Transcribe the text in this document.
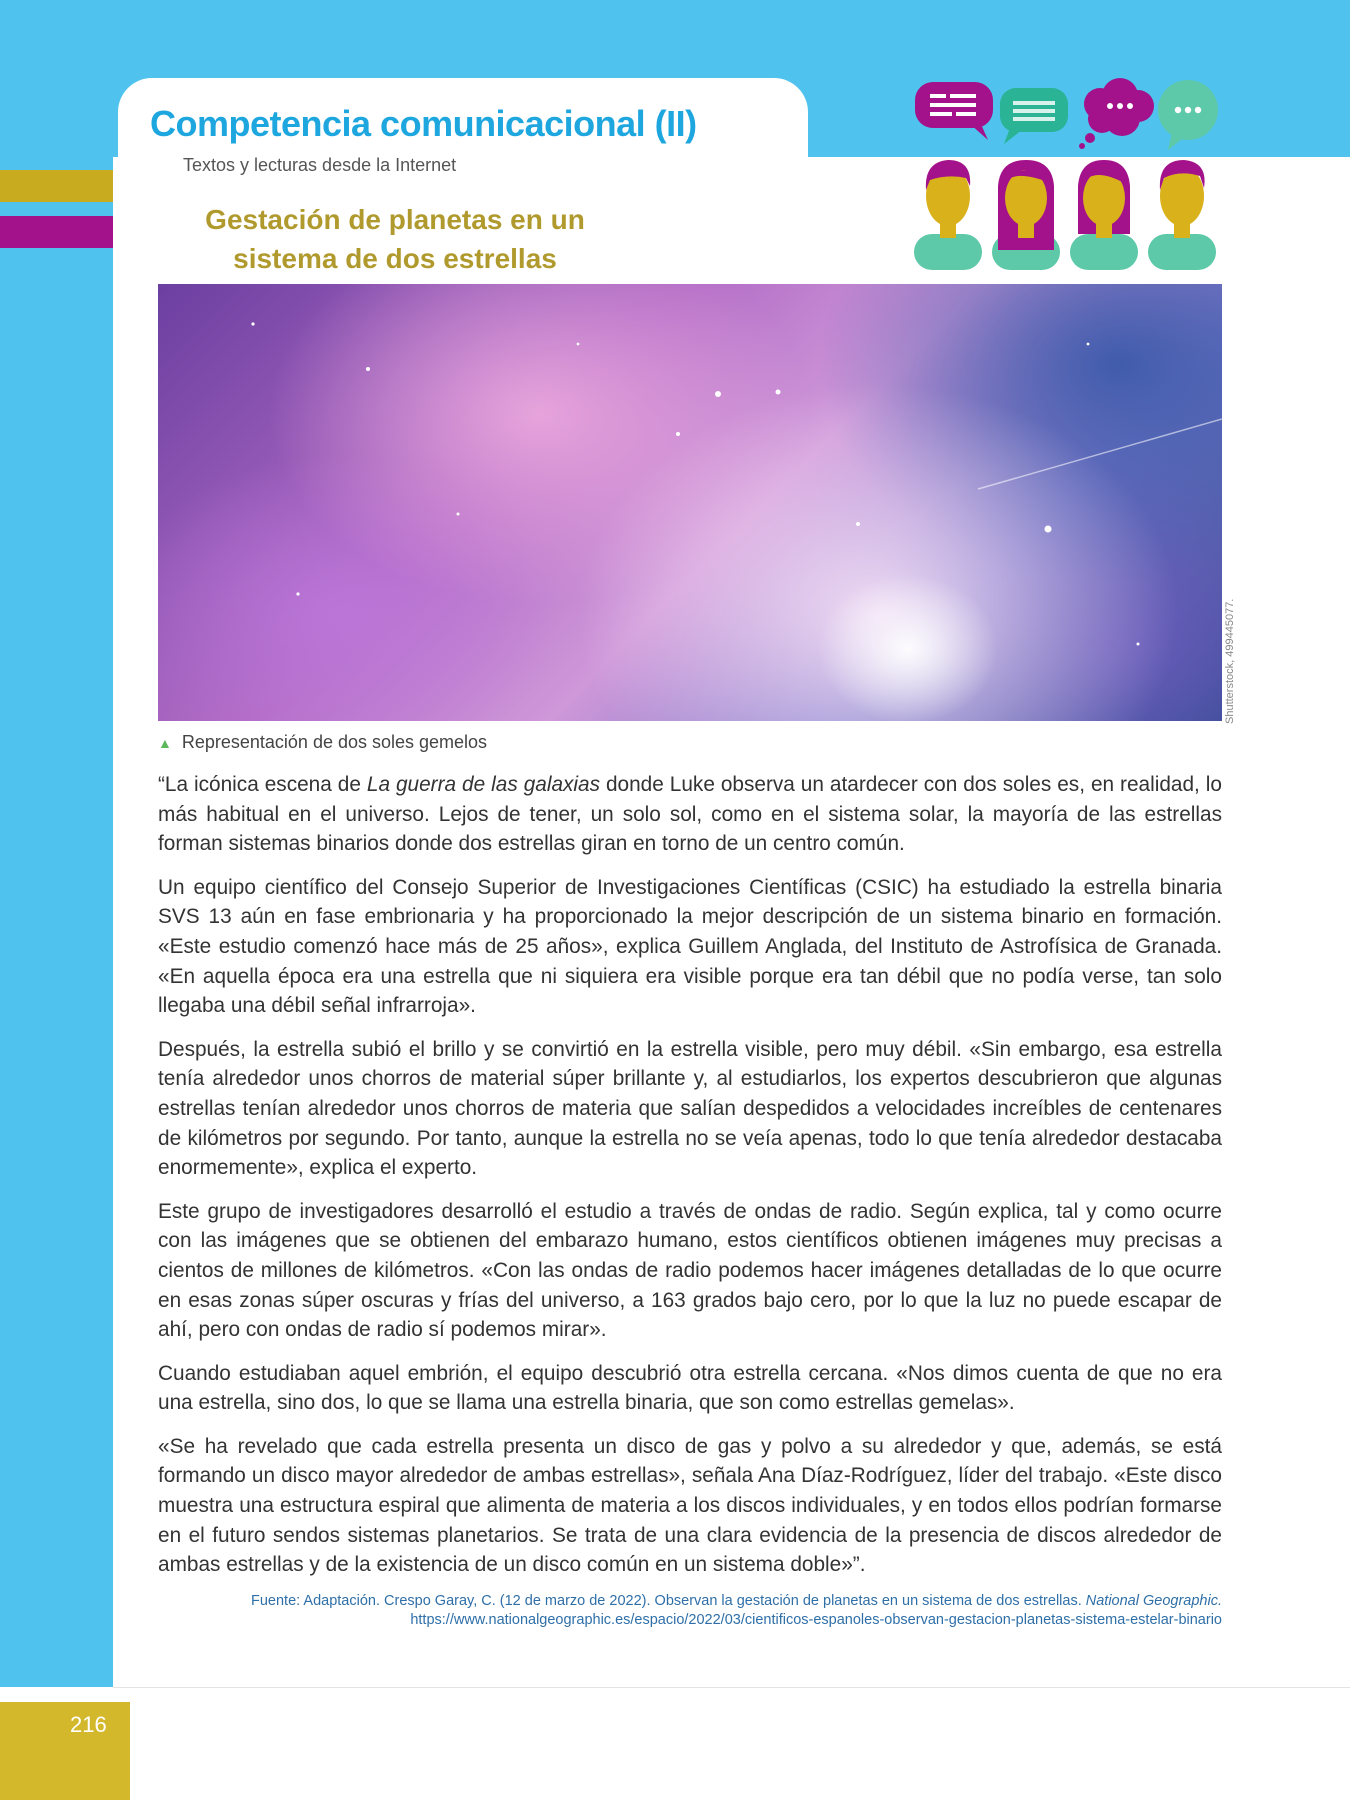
Competencia comunicacional (II)
Textos y lecturas desde la Internet
Gestación de planetas en un sistema de dos estrellas
Shutterstock, 499445077.
▲ Representación de dos soles gemelos

“La icónica escena de La guerra de las galaxias donde Luke observa un atardecer con dos soles es, en realidad, lo más habitual en el universo. Lejos de tener, un solo sol, como en el sistema solar, la mayoría de las estrellas forman sistemas binarios donde dos estrellas giran en torno de un centro común.

Un equipo científico del Consejo Superior de Investigaciones Científicas (CSIC) ha estudiado la estrella binaria SVS 13 aún en fase embrionaria y ha proporcionado la mejor descripción de un sistema binario en formación. «Este estudio comenzó hace más de 25 años», explica Guillem Anglada, del Instituto de Astrofísica de Granada. «En aquella época era una estrella que ni siquiera era visible porque era tan débil que no podía verse, tan solo llegaba una débil señal infrarroja».

Después, la estrella subió el brillo y se convirtió en la estrella visible, pero muy débil. «Sin embargo, esa estrella tenía alrededor unos chorros de material súper brillante y, al estudiarlos, los expertos descubrieron que algunas estrellas tenían alrededor unos chorros de materia que salían despedidos a velocidades increíbles de centenares de kilómetros por segundo. Por tanto, aunque la estrella no se veía apenas, todo lo que tenía alrededor destacaba enormemente», explica el experto.

Este grupo de investigadores desarrolló el estudio a través de ondas de radio. Según explica, tal y como ocurre con las imágenes que se obtienen del embarazo humano, estos científicos obtienen imágenes muy precisas a cientos de millones de kilómetros. «Con las ondas de radio podemos hacer imágenes detalladas de lo que ocurre en esas zonas súper oscuras y frías del universo, a 163 grados bajo cero, por lo que la luz no puede escapar de ahí, pero con ondas de radio sí podemos mirar».

Cuando estudiaban aquel embrión, el equipo descubrió otra estrella cercana. «Nos dimos cuenta de que no era una estrella, sino dos, lo que se llama una estrella binaria, que son como estrellas gemelas».

«Se ha revelado que cada estrella presenta un disco de gas y polvo a su alrededor y que, además, se está formando un disco mayor alrededor de ambas estrellas», señala Ana Díaz-Rodríguez, líder del trabajo. «Este disco muestra una estructura espiral que alimenta de materia a los discos individuales, y en todos ellos podrían formarse en el futuro sendos sistemas planetarios. Se trata de una clara evidencia de la presencia de discos alrededor de ambas estrellas y de la existencia de un disco común en un sistema doble»”.

Fuente: Adaptación. Crespo Garay, C. (12 de marzo de 2022). Observan la gestación de planetas en un sistema de dos estrellas. National Geographic.
https://www.nationalgeographic.es/espacio/2022/03/cientificos-espanoles-observan-gestacion-planetas-sistema-estelar-binario
216
